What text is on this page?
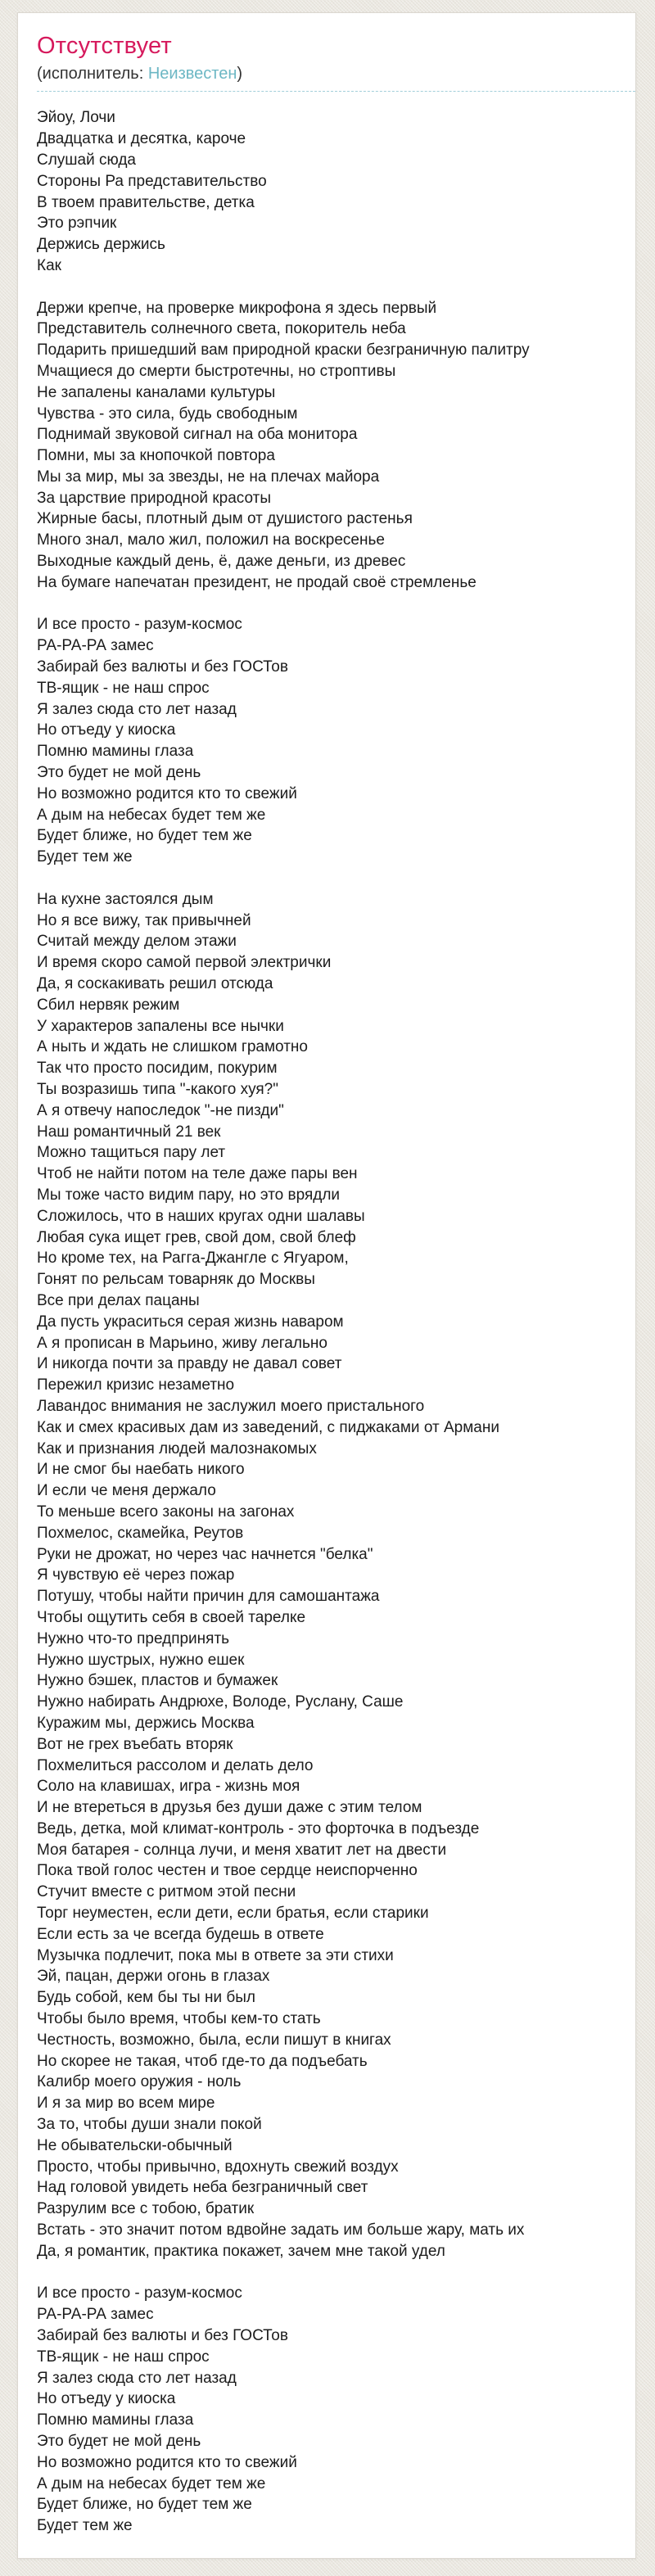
Отсутствует
(исполнитель: Неизвестен)
Эйоу, Лочи
Двадцатка и десятка, кароче
Слушай сюда
Стороны Ра представительство
В твоем правительстве, детка
Это рэпчик
Держись держись
Как
Держи крепче, на проверке микрофона я здесь первый
Представитель солнечного света, покоритель неба
Подарить пришедший вам природной краски безграничную палитру
Мчащиеся до смерти быстротечны, но строптивы
Не запалены каналами культуры
Чувства - это сила, будь свободным
Поднимай звуковой сигнал на оба монитора
Помни, мы за кнопочкой повтора
Мы за мир, мы за звезды, не на плечах майора
За царствие природной красоты
Жирные басы, плотный дым от душистого растенья
Много знал, мало жил, положил на воскресенье
Выходные каждый день, ё, даже деньги, из древес
На бумаге напечатан президент, не продай своё стремленье
И все просто - разум-космос
РА-РА-РА замес
Забирай без валюты и без ГОСТов
ТВ-ящик - не наш спрос
Я залез сюда сто лет назад
Но отъеду у киоска
Помню мамины глаза
Это будет не мой день
Но возможно родится кто то свежий
А дым на небесах будет тем же
Будет ближе, но будет тем же
Будет тем же
На кухне застоялся дым
Но я все вижу, так привычней
Считай между делом этажи
И время скоро самой первой электрички
Да, я соскакивать решил отсюда
Сбил нервяк режим
У характеров запалены все нычки
А ныть и ждать не слишком грамотно
Так что просто посидим, покурим
Ты возразишь типа "-какого хуя?"
А я отвечу напоследок "-не пизди"
Наш романтичный 21 век
Можно тащиться пару лет
Чтоб не найти потом на теле даже пары вен
Мы тоже часто видим пару, но это врядли
Сложилось, что в наших кругах одни шалавы
Любая сука ищет грев, свой дом, свой блеф
Но кроме тех, на Рагга-Джангле с Ягуаром,
Гонят по рельсам товарняк до Москвы
Все при делах пацаны
Да пусть украситься серая жизнь наваром
А я прописан в Марьино, живу легально
И никогда почти за правду не давал совет
Пережил кризис незаметно
Лавандос внимания не заслужил моего пристального
Как и смех красивых дам из заведений, с пиджаками от Армани
Как и признания людей малознакомых
И не смог бы наебать никого
И если че меня держало
То меньше всего законы на загонах
Похмелос, скамейка, Реутов
Руки не дрожат, но через час начнется "белка"
Я чувствую её через пожар
Потушу, чтобы найти причин для самошантажа
Чтобы ощутить себя в своей тарелке
Нужно что-то предпринять
Нужно шустрых, нужно ешек
Нужно бэшек, пластов и бумажек
Нужно набирать Андрюхе, Володе, Руслану, Саше
Куражим мы, держись Москва
Вот не грех въебать вторяк
Похмелиться рассолом и делать дело
Соло на клавишах, игра - жизнь моя
И не втереться в друзья без души даже с этим телом
Ведь, детка, мой климат-контроль - это форточка в подъезде
Моя батарея - солнца лучи, и меня хватит лет на двести
Пока твой голос честен и твое сердце неиспорченно
Стучит вместе с ритмом этой песни
Торг неуместен, если дети, если братья, если старики
Если есть за че всегда будешь в ответе
Музычка подлечит, пока мы в ответе за эти стихи
Эй, пацан, держи огонь в глазах
Будь собой, кем бы ты ни был
Чтобы было время, чтобы кем-то стать
Честность, возможно, была, если пишут в книгах
Но скорее не такая, чтоб где-то да подъебать
Калибр моего оружия - ноль
И я за мир во всем мире
За то, чтобы души знали покой
Не обывательски-обычный
Просто, чтобы привычно, вдохнуть свежий воздух
Над головой увидеть неба безграничный свет
Разрулим все с тобою, братик
Встать - это значит потом вдвойне задать им больше жару, мать их
Да, я романтик, практика покажет, зачем мне такой удел
И все просто - разум-космос
РА-РА-РА замес
Забирай без валюты и без ГОСТов
ТВ-ящик - не наш спрос
Я залез сюда сто лет назад
Но отъеду у киоска
Помню мамины глаза
Это будет не мой день
Но возможно родится кто то свежий
А дым на небесах будет тем же
Будет ближе, но будет тем же
Будет тем же
